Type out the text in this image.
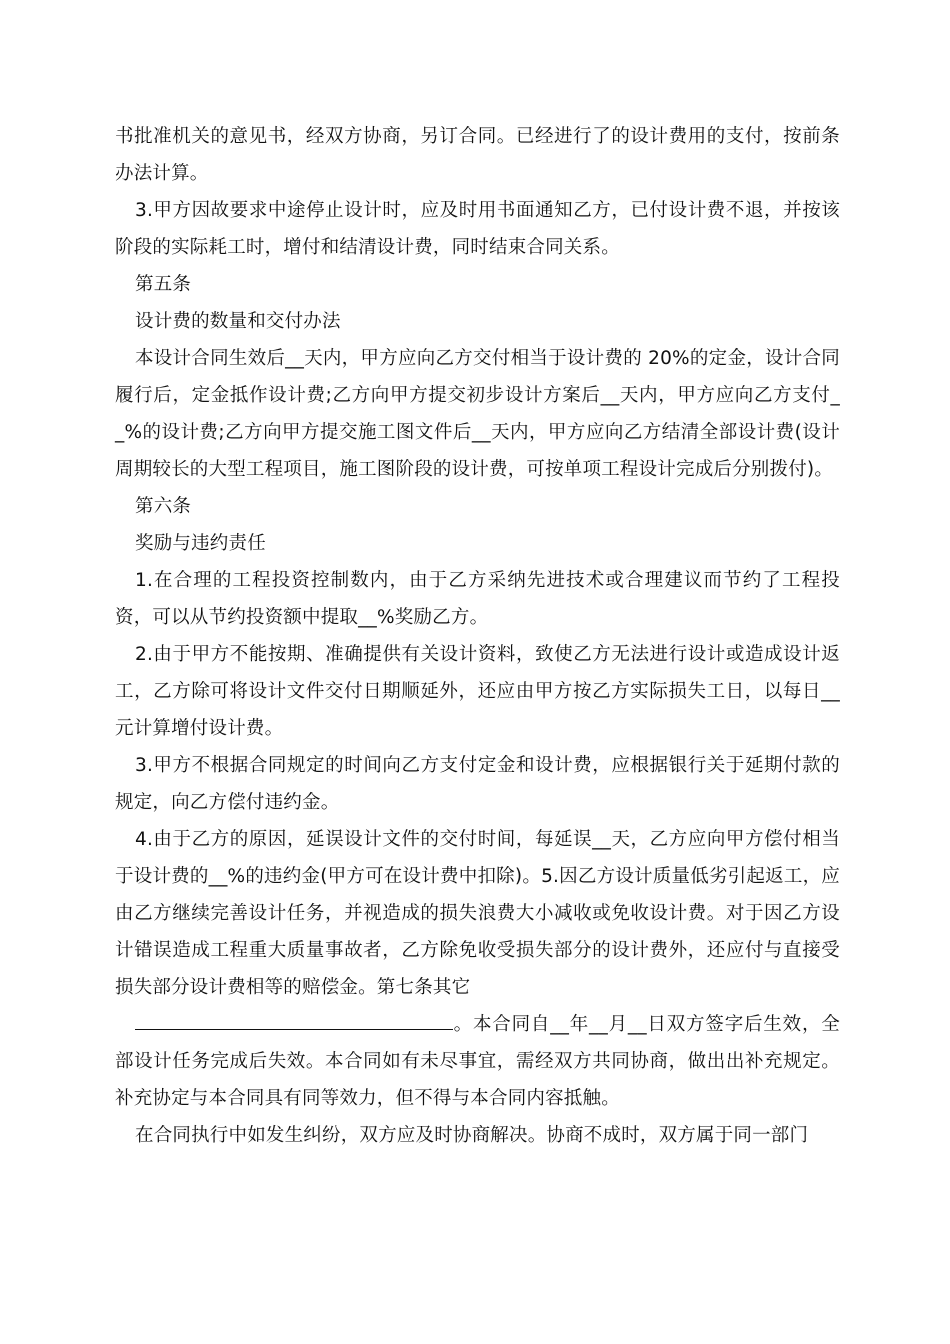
书批准机关的意见书，经双方协商，另订合同。已经进行了的设计费用的支付，按前条办法计算。

3.甲方因故要求中途停止设计时，应及时用书面通知乙方，已付设计费不退，并按该阶段的实际耗工时，增付和结清设计费，同时结束合同关系。

第五条

设计费的数量和交付办法

本设计合同生效后__天内，甲方应向乙方交付相当于设计费的 20%的定金，设计合同履行后，定金抵作设计费;乙方向甲方提交初步设计方案后__天内，甲方应向乙方支付__%的设计费;乙方向甲方提交施工图文件后__天内，甲方应向乙方结清全部设计费(设计周期较长的大型工程项目，施工图阶段的设计费，可按单项工程设计完成后分别拨付)。

第六条

奖励与违约责任

1.在合理的工程投资控制数内，由于乙方采纳先进技术或合理建议而节约了工程投资，可以从节约投资额中提取__%奖励乙方。

2.由于甲方不能按期、准确提供有关设计资料，致使乙方无法进行设计或造成设计返工，乙方除可将设计文件交付日期顺延外，还应由甲方按乙方实际损失工日，以每日__元计算增付设计费。

3.甲方不根据合同规定的时间向乙方支付定金和设计费，应根据银行关于延期付款的规定，向乙方偿付违约金。

4.由于乙方的原因，延误设计文件的交付时间，每延误__天，乙方应向甲方偿付相当于设计费的__%的违约金(甲方可在设计费中扣除)。5.因乙方设计质量低劣引起返工，应由乙方继续完善设计任务，并视造成的损失浪费大小减收或免收设计费。对于因乙方设计错误造成工程重大质量事故者，乙方除免收受损失部分的设计费外，还应付与直接受损失部分设计费相等的赔偿金。第七条其它

。本合同自__年__月__日双方签字后生效，全部设计任务完成后失效。本合同如有未尽事宜，需经双方共同协商，做出出补充规定。补充协定与本合同具有同等效力，但不得与本合同内容抵触。

在合同执行中如发生纠纷，双方应及时协商解决。协商不成时，双方属于同一部门
